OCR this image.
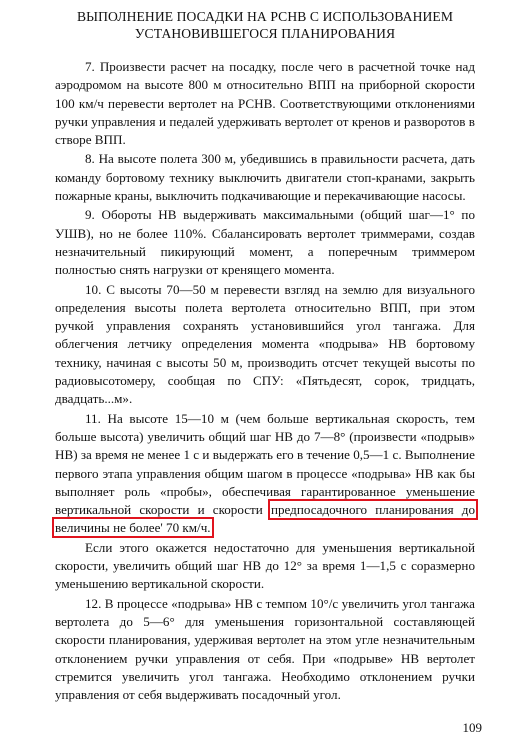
ВЫПОЛНЕНИЕ ПОСАДКИ НА РСНВ С ИСПОЛЬЗОВАНИЕМ
УСТАНОВИВШЕГОСЯ ПЛАНИРОВАНИЯ

7. Произвести расчет на посадку, после чего в расчетной точке над аэродромом на высоте 800 м относительно ВПП на приборной скорости 100 км/ч перевести вертолет на РСНВ. Соответствующими отклонениями ручки управления и педалей удерживать вертолет от кренов и разворотов в створе ВПП.

8. На высоте полета 300 м, убедившись в правильности расчета, дать команду бортовому технику выключить двигатели стоп-кранами, закрыть пожарные краны, выключить подкачивающие и перекачивающие насосы.

9. Обороты НВ выдерживать максимальными (общий шаг—1° по УШВ), но не более 110%. Сбалансировать вертолет триммерами, создав незначительный пикирующий момент, а поперечным триммером полностью снять нагрузки от кренящего момента.

10. С высоты 70—50 м перевести взгляд на землю для визуального определения высоты полета вертолета относительно ВПП, при этом ручкой управления сохранять установившийся угол тангажа. Для облегчения летчику определения момента «подрыва» НВ бортовому технику, начиная с высоты 50 м, производить отсчет текущей высоты по радиовысотомеру, сообщая по СПУ: «Пятьдесят, сорок, тридцать, двадцать...м».

11. На высоте 15—10 м (чем больше вертикальная скорость, тем больше высота) увеличить общий шаг НВ до 7—8° (произвести «подрыв» НВ) за время не менее 1 с и выдержать его в течение 0,5—1 с. Выполнение первого этапа управления общим шагом в процессе «подрыва» НВ как бы выполняет роль «пробы», обеспечивая гарантированное уменьшение вертикальной скорости и скорости предпосадочного планирования до величины не более' 70 км/ч.

Если этого окажется недостаточно для уменьшения вертикальной скорости, увеличить общий шаг НВ до 12° за время 1—1,5 с соразмерно уменьшению вертикальной скорости.

12. В процессе «подрыва» НВ с темпом 10°/с увеличить угол тангажа вертолета до 5—6° для уменьшения горизонтальной составляющей скорости планирования, удерживая вертолет на этом угле незначительным отклонением ручки управления от себя. При «подрыве» НВ вертолет стремится увеличить угол тангажа. Необходимо отклонением ручки управления от себя выдерживать посадочный угол.

109
